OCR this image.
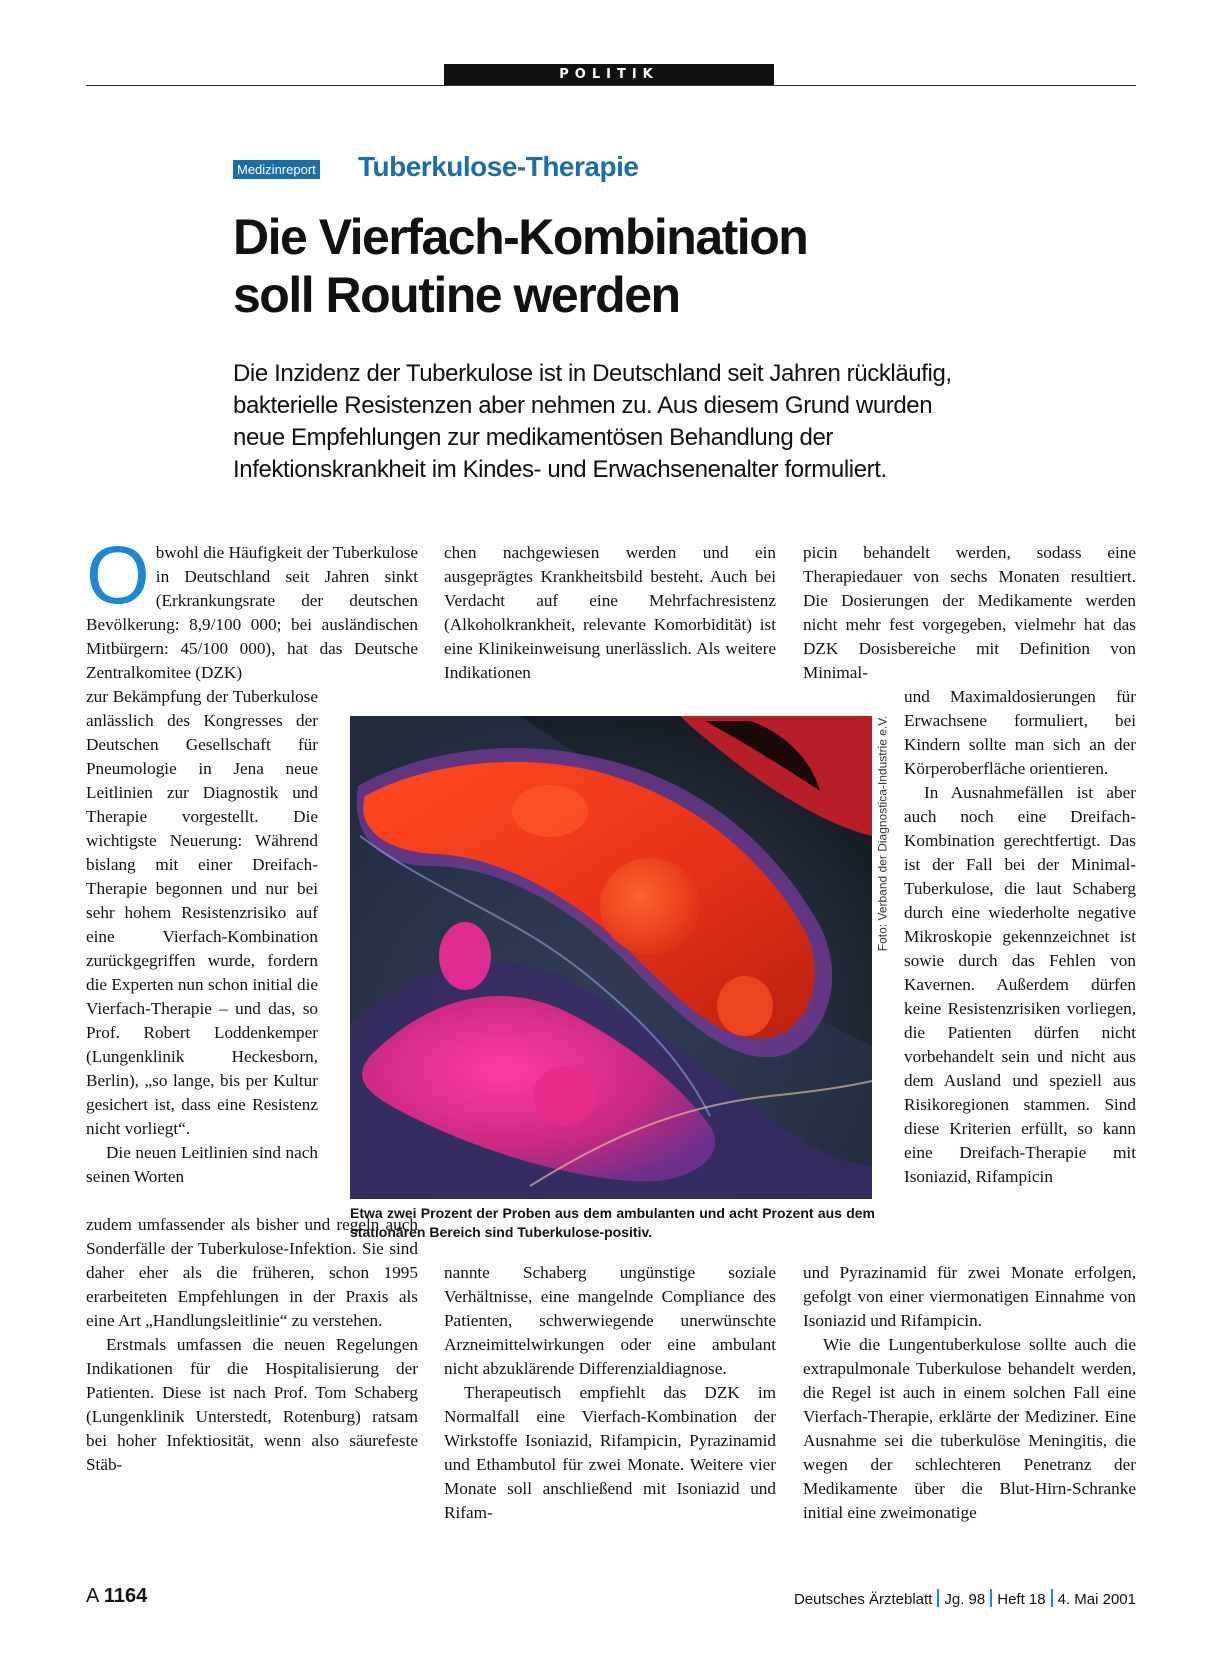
POLITIK
Medizinreport Tuberkulose-Therapie
Die Vierfach-Kombination
soll Routine werden
Die Inzidenz der Tuberkulose ist in Deutschland seit Jahren rückläufig,
bakterielle Resistenzen aber nehmen zu. Aus diesem Grund wurden
neue Empfehlungen zur medikamentösen Behandlung der
Infektionskrankheit im Kindes- und Erwachsenenalter formuliert.

Obwohl die Häufigkeit der Tuberkulose in Deutschland seit Jahren sinkt (Erkrankungsrate der deutschen Bevölkerung: 8,9/100 000; bei ausländischen Mitbürgern: 45/100 000), hat das Deutsche Zentralkomitee (DZK)

zur Bekämpfung der Tuberkulose anlässlich des Kongresses der Deutschen Gesellschaft für Pneumologie in Jena neue Leitlinien zur Diagnostik und Therapie vorgestellt. Die wichtigste Neuerung: Während bislang mit einer Dreifach-Therapie begonnen und nur bei sehr hohem Resistenzrisiko auf eine Vierfach-Kombination zurückgegriffen wurde, fordern die Experten nun schon initial die Vierfach-Therapie – und das, so Prof. Robert Loddenkemper (Lungenklinik Heckesborn, Berlin), „so lange, bis per Kultur gesichert ist, dass eine Resistenz nicht vorliegt“.

Die neuen Leitlinien sind nach seinen Worten

zudem umfassender als bisher und regeln auch Sonderfälle der Tuberkulose-Infektion. Sie sind daher eher als die früheren, schon 1995 erarbeiteten Empfehlungen in der Praxis als eine Art „Handlungsleitlinie“ zu verstehen.

Erstmals umfassen die neuen Regelungen Indikationen für die Hospitalisierung der Patienten. Diese ist nach Prof. Tom Schaberg (Lungenklinik Unterstedt, Rotenburg) ratsam bei hoher Infektiosität, wenn also säurefeste Stäb-

chen nachgewiesen werden und ein ausgeprägtes Krankheitsbild besteht. Auch bei Verdacht auf eine Mehrfachresistenz (Alkoholkrankheit, relevante Komorbidität) ist eine Klinikeinweisung unerlässlich. Als weitere Indikationen

nannte Schaberg ungünstige soziale Verhältnisse, eine mangelnde Compliance des Patienten, schwerwiegende unerwünschte Arzneimittelwirkungen oder eine ambulant nicht abzuklärende Differenzialdiagnose.

Therapeutisch empfiehlt das DZK im Normalfall eine Vierfach-Kombination der Wirkstoffe Isoniazid, Rifampicin, Pyrazinamid und Ethambutol für zwei Monate. Weitere vier Monate soll anschließend mit Isoniazid und Rifam-

picin behandelt werden, sodass eine Therapiedauer von sechs Monaten resultiert. Die Dosierungen der Medikamente werden nicht mehr fest vorgegeben, vielmehr hat das DZK Dosisbereiche mit Definition von Minimal-

und Maximaldosierungen für Erwachsene formuliert, bei Kindern sollte man sich an der Körperoberfläche orientieren.

In Ausnahmefällen ist aber auch noch eine Dreifach-Kombination gerechtfertigt. Das ist der Fall bei der Minimal-Tuberkulose, die laut Schaberg durch eine wiederholte negative Mikroskopie gekennzeichnet ist sowie durch das Fehlen von Kavernen. Außerdem dürfen keine Resistenzrisiken vorliegen, die Patienten dürfen nicht vorbehandelt sein und nicht aus dem Ausland und speziell aus Risikoregionen stammen. Sind diese Kriterien erfüllt, so kann eine Dreifach-Therapie mit Isoniazid, Rifampicin

und Pyrazinamid für zwei Monate erfolgen, gefolgt von einer viermonatigen Einnahme von Isoniazid und Rifampicin.

Wie die Lungentuberkulose sollte auch die extrapulmonale Tuberkulose behandelt werden, die Regel ist auch in einem solchen Fall eine Vierfach-Therapie, erklärte der Mediziner. Eine Ausnahme sei die tuberkulöse Meningitis, die wegen der schlechteren Penetranz der Medikamente über die Blut-Hirn-Schranke initial eine zweimonatige

Foto: Verband der Diagnostica-Industrie e.V.
Etwa zwei Prozent der Proben aus dem ambulanten und acht Prozent aus dem stationären Bereich sind Tuberkulose-positiv.
A 1164	Deutsches Ärzteblatt Jg. 98 Heft 18 4. Mai 2001
